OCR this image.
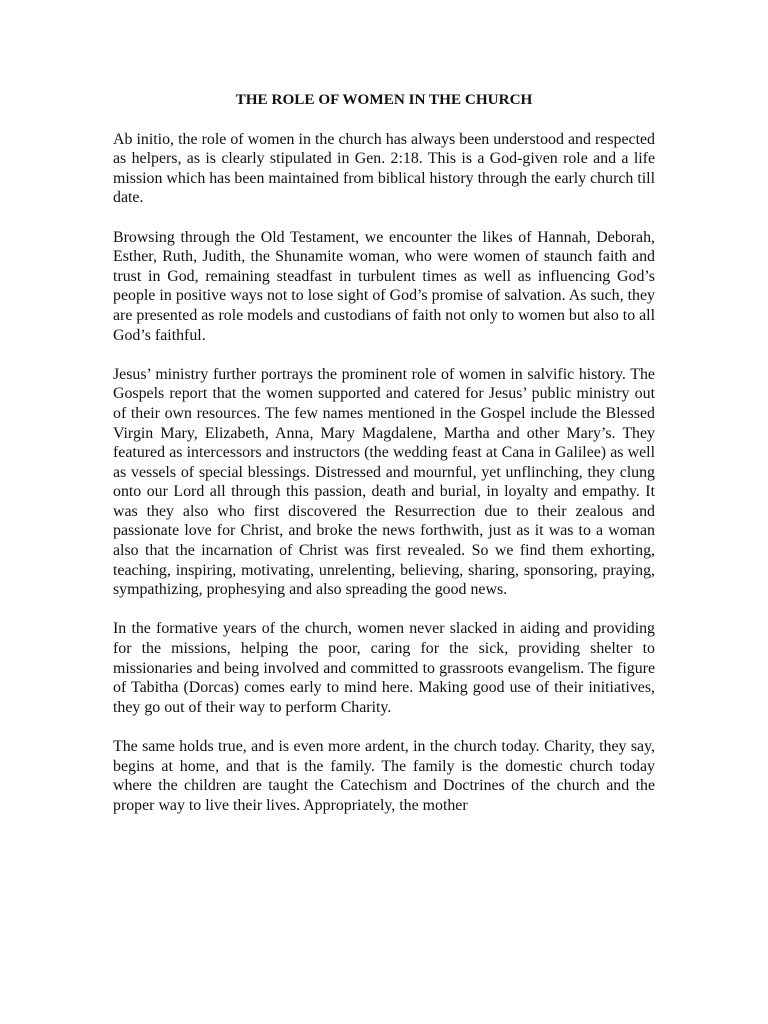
THE ROLE OF WOMEN IN THE CHURCH

Ab initio, the role of women in the church has always been understood and respected as helpers, as is clearly stipulated in Gen. 2:18. This is a God-given role and a life mission which has been maintained from biblical history through the early church till date.

Browsing through the Old Testament, we encounter the likes of Hannah, Deborah, Esther, Ruth, Judith, the Shunamite woman, who were women of staunch faith and trust in God, remaining steadfast in turbulent times as well as influencing God’s people in positive ways not to lose sight of God’s promise of salvation. As such, they are presented as role models and custodians of faith not only to women but also to all God’s faithful.

Jesus’ ministry further portrays the prominent role of women in salvific history. The Gospels report that the women supported and catered for Jesus’ public ministry out of their own resources. The few names mentioned in the Gospel include the Blessed Virgin Mary, Elizabeth, Anna, Mary Magdalene, Martha and other Mary’s. They featured as intercessors and instructors (the wedding feast at Cana in Galilee) as well as vessels of special blessings. Distressed and mournful, yet unflinching, they clung onto our Lord all through this passion, death and burial, in loyalty and empathy. It was they also who first discovered the Resurrection due to their zealous and passionate love for Christ, and broke the news forthwith, just as it was to a woman also that the incarnation of Christ was first revealed. So we find them exhorting, teaching, inspiring, motivating, unrelenting, believing, sharing, sponsoring, praying, sympathizing, prophesying and also spreading the good news.

In the formative years of the church, women never slacked in aiding and providing for the missions, helping the poor, caring for the sick, providing shelter to missionaries and being involved and committed to grassroots evangelism. The figure of Tabitha (Dorcas) comes early to mind here. Making good use of their initiatives, they go out of their way to perform Charity.

The same holds true, and is even more ardent, in the church today. Charity, they say, begins at home, and that is the family. The family is the domestic church today where the children are taught the Catechism and Doctrines of the church and the proper way to live their lives. Appropriately, the mother
